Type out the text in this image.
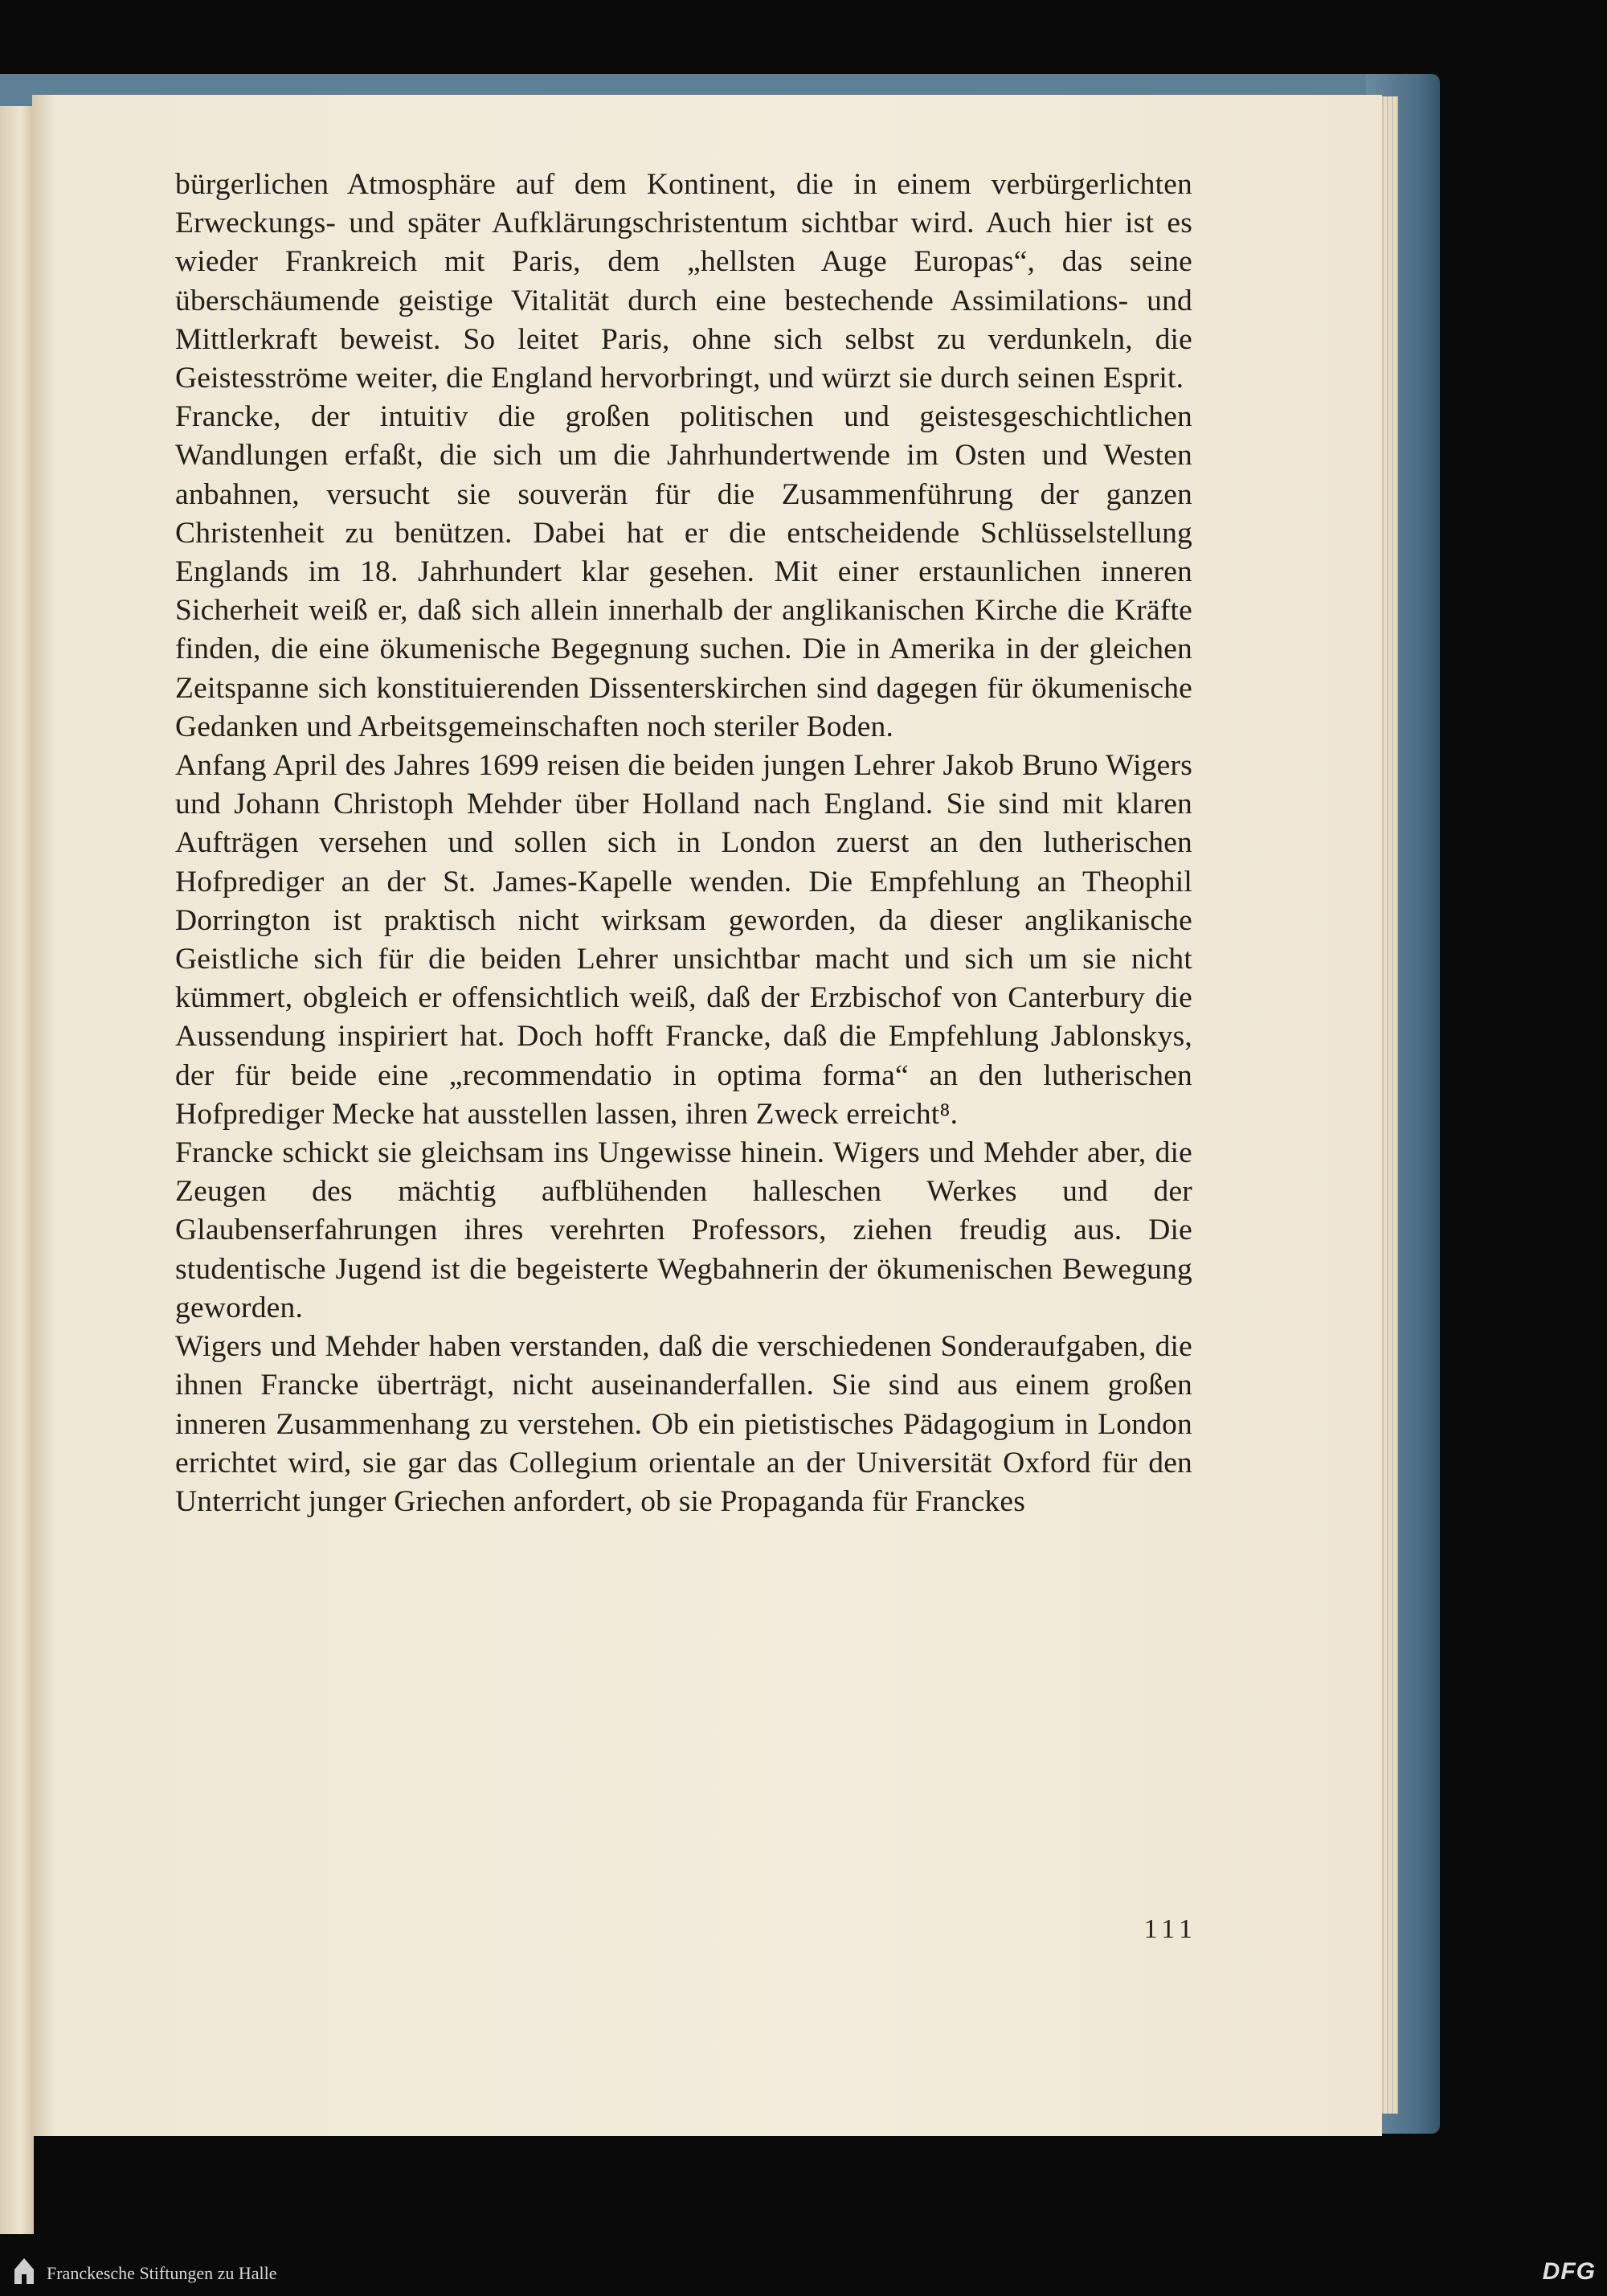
bürgerlichen Atmosphäre auf dem Kontinent, die in einem verbürgerlichten Erweckungs- und später Aufklärungschristentum sichtbar wird. Auch hier ist es wieder Frankreich mit Paris, dem „hellsten Auge Europas“, das seine überschäumende geistige Vitalität durch eine bestechende Assimilations- und Mittlerkraft beweist. So leitet Paris, ohne sich selbst zu verdunkeln, die Geistesströme weiter, die England hervorbringt, und würzt sie durch seinen Esprit.

Francke, der intuitiv die großen politischen und geistesgeschichtlichen Wandlungen erfaßt, die sich um die Jahrhundertwende im Osten und Westen anbahnen, versucht sie souverän für die Zusammenführung der ganzen Christenheit zu benützen. Dabei hat er die entscheidende Schlüsselstellung Englands im 18. Jahrhundert klar gesehen. Mit einer erstaunlichen inneren Sicherheit weiß er, daß sich allein innerhalb der anglikanischen Kirche die Kräfte finden, die eine ökumenische Begegnung suchen. Die in Amerika in der gleichen Zeitspanne sich konstituierenden Dissenterskirchen sind dagegen für ökumenische Gedanken und Arbeitsgemeinschaften noch steriler Boden.

Anfang April des Jahres 1699 reisen die beiden jungen Lehrer Jakob Bruno Wigers und Johann Christoph Mehder über Holland nach England. Sie sind mit klaren Aufträgen versehen und sollen sich in London zuerst an den lutherischen Hofprediger an der St. James-Kapelle wenden. Die Empfehlung an Theophil Dorrington ist praktisch nicht wirksam geworden, da dieser anglikanische Geistliche sich für die beiden Lehrer unsichtbar macht und sich um sie nicht kümmert, obgleich er offensichtlich weiß, daß der Erzbischof von Canterbury die Aussendung inspiriert hat. Doch hofft Francke, daß die Empfehlung Jablonskys, der für beide eine „recommendatio in optima forma“ an den lutherischen Hofprediger Mecke hat ausstellen lassen, ihren Zweck erreicht⁸.

Francke schickt sie gleichsam ins Ungewisse hinein. Wigers und Mehder aber, die Zeugen des mächtig aufblühenden halleschen Werkes und der Glaubenserfahrungen ihres verehrten Professors, ziehen freudig aus. Die studentische Jugend ist die begeisterte Wegbahnerin der ökumenischen Bewegung geworden.

Wigers und Mehder haben verstanden, daß die verschiedenen Sonderaufgaben, die ihnen Francke überträgt, nicht auseinanderfallen. Sie sind aus einem großen inneren Zusammenhang zu verstehen. Ob ein pietistisches Pädagogium in London errichtet wird, sie gar das Collegium orientale an der Universität Oxford für den Unterricht junger Griechen anfordert, ob sie Propaganda für Franckes

111
Franckesche Stiftungen zu Halle	DFG
